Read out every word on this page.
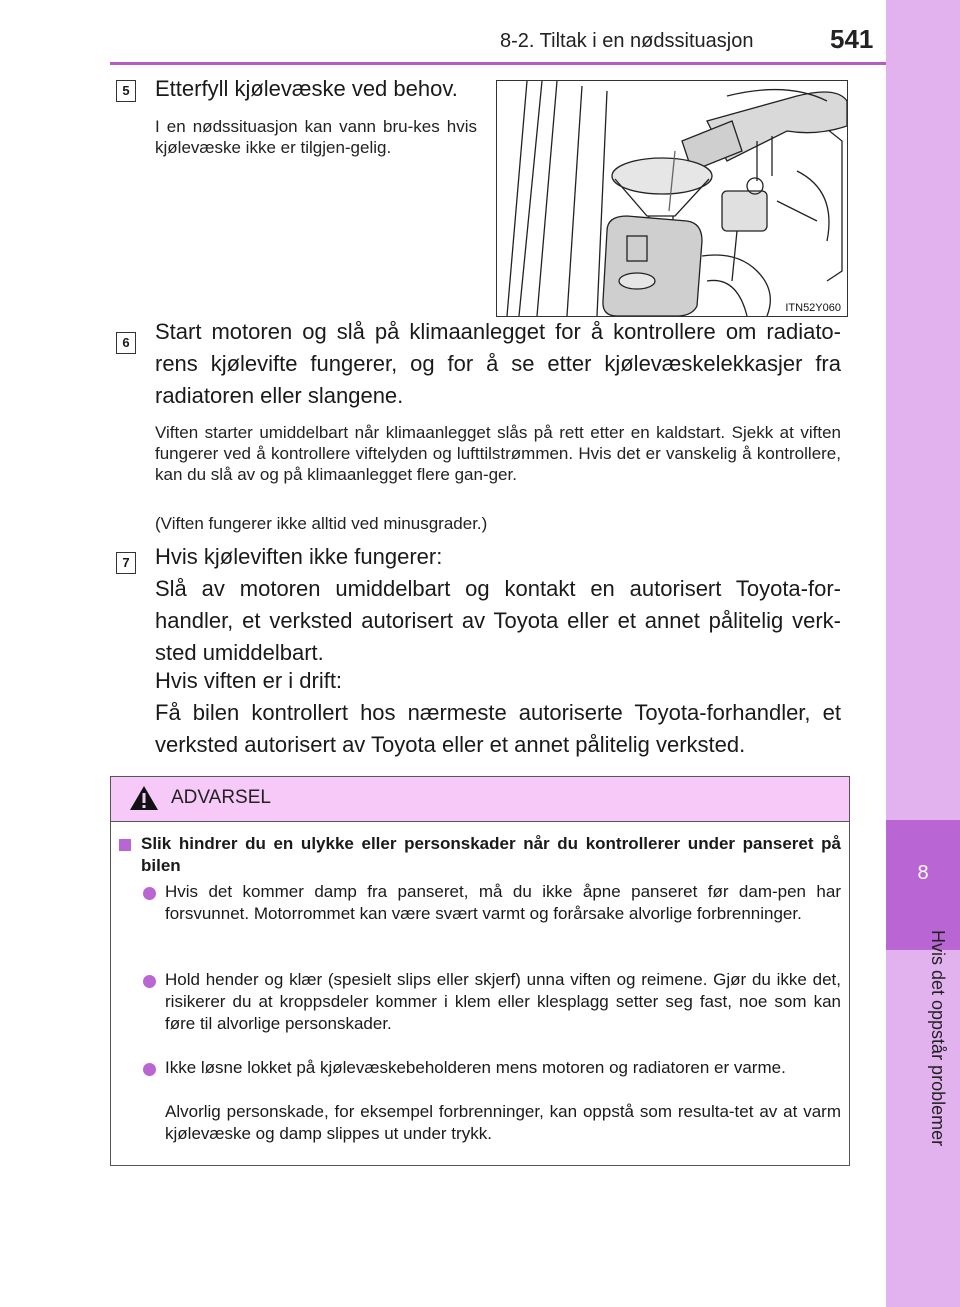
8-2. Tiltak i en nødssituasjon	541
8
Hvis det oppstår problemer
5 Etterfyll kjølevæske ved behov.
I en nødssituasjon kan vann bru-kes hvis kjølevæske ikke er tilgjen-gelig.
ITN52Y060
6 Start motoren og slå på klimaanlegget for å kontrollere om radiato-rens kjølevifte fungerer, og for å se etter kjølevæskelekkasjer fra radiatoren eller slangene.
Viften starter umiddelbart når klimaanlegget slås på rett etter en kaldstart. Sjekk at viften fungerer ved å kontrollere viftelyden og lufttilstrømmen. Hvis det er vanskelig å kontrollere, kan du slå av og på klimaanlegget flere gan-ger.
(Viften fungerer ikke alltid ved minusgrader.)
7 Hvis kjøleviften ikke fungerer:
Slå av motoren umiddelbart og kontakt en autorisert Toyota-for-handler, et verksted autorisert av Toyota eller et annet pålitelig verk-sted umiddelbart.
Hvis viften er i drift:
Få bilen kontrollert hos nærmeste autoriserte Toyota-forhandler, et verksted autorisert av Toyota eller et annet pålitelig verksted.
ADVARSEL
Slik hindrer du en ulykke eller personskader når du kontrollerer under panseret på bilen
Hvis det kommer damp fra panseret, må du ikke åpne panseret før dam-pen har forsvunnet. Motorrommet kan være svært varmt og forårsake alvorlige forbrenninger.
Hold hender og klær (spesielt slips eller skjerf) unna viften og reimene. Gjør du ikke det, risikerer du at kroppsdeler kommer i klem eller klesplagg setter seg fast, noe som kan føre til alvorlige personskader.
Ikke løsne lokket på kjølevæskebeholderen mens motoren og radiatoren er varme.
Alvorlig personskade, for eksempel forbrenninger, kan oppstå som resulta-tet av at varm kjølevæske og damp slippes ut under trykk.
